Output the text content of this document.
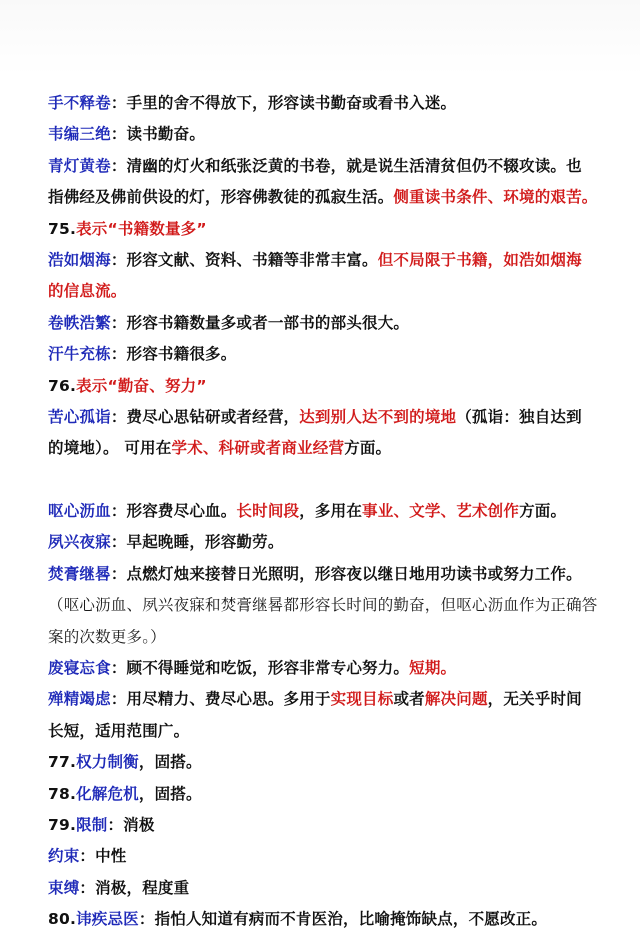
手不释卷：手里的舍不得放下，形容读书勤奋或看书入迷。
韦编三绝：读书勤奋。
青灯黄卷：清幽的灯火和纸张泛黄的书卷，就是说生活清贫但仍不辍攻读。也
指佛经及佛前供设的灯，形容佛教徒的孤寂生活。侧重读书条件、环境的艰苦。
75.表示“书籍数量多”
浩如烟海：形容文献、资料、书籍等非常丰富。但不局限于书籍，如浩如烟海
的信息流。
卷帙浩繁：形容书籍数量多或者一部书的部头很大。
汗牛充栋：形容书籍很多。
76.表示“勤奋、努力”
苦心孤诣：费尽心思钻研或者经营，达到别人达不到的境地（孤诣：独自达到
的境地）。 可用在学术、科研或者商业经营方面。
呕心沥血：形容费尽心血。长时间段，多用在事业、文学、艺术创作方面。
夙兴夜寐：早起晚睡，形容勤劳。
焚膏继晷：点燃灯烛来接替日光照明，形容夜以继日地用功读书或努力工作。
（呕心沥血、夙兴夜寐和焚膏继晷都形容长时间的勤奋，但呕心沥血作为正确答
案的次数更多。）
废寝忘食：顾不得睡觉和吃饭，形容非常专心努力。短期。
殚精竭虑：用尽精力、费尽心思。多用于实现目标或者解决问题，无关乎时间
长短，适用范围广。
77.权力制衡，固搭。
78.化解危机，固搭。
79.限制：消极
约束：中性
束缚：消极，程度重
80.讳疾忌医：指怕人知道有病而不肯医治，比喻掩饰缺点，不愿改正。
